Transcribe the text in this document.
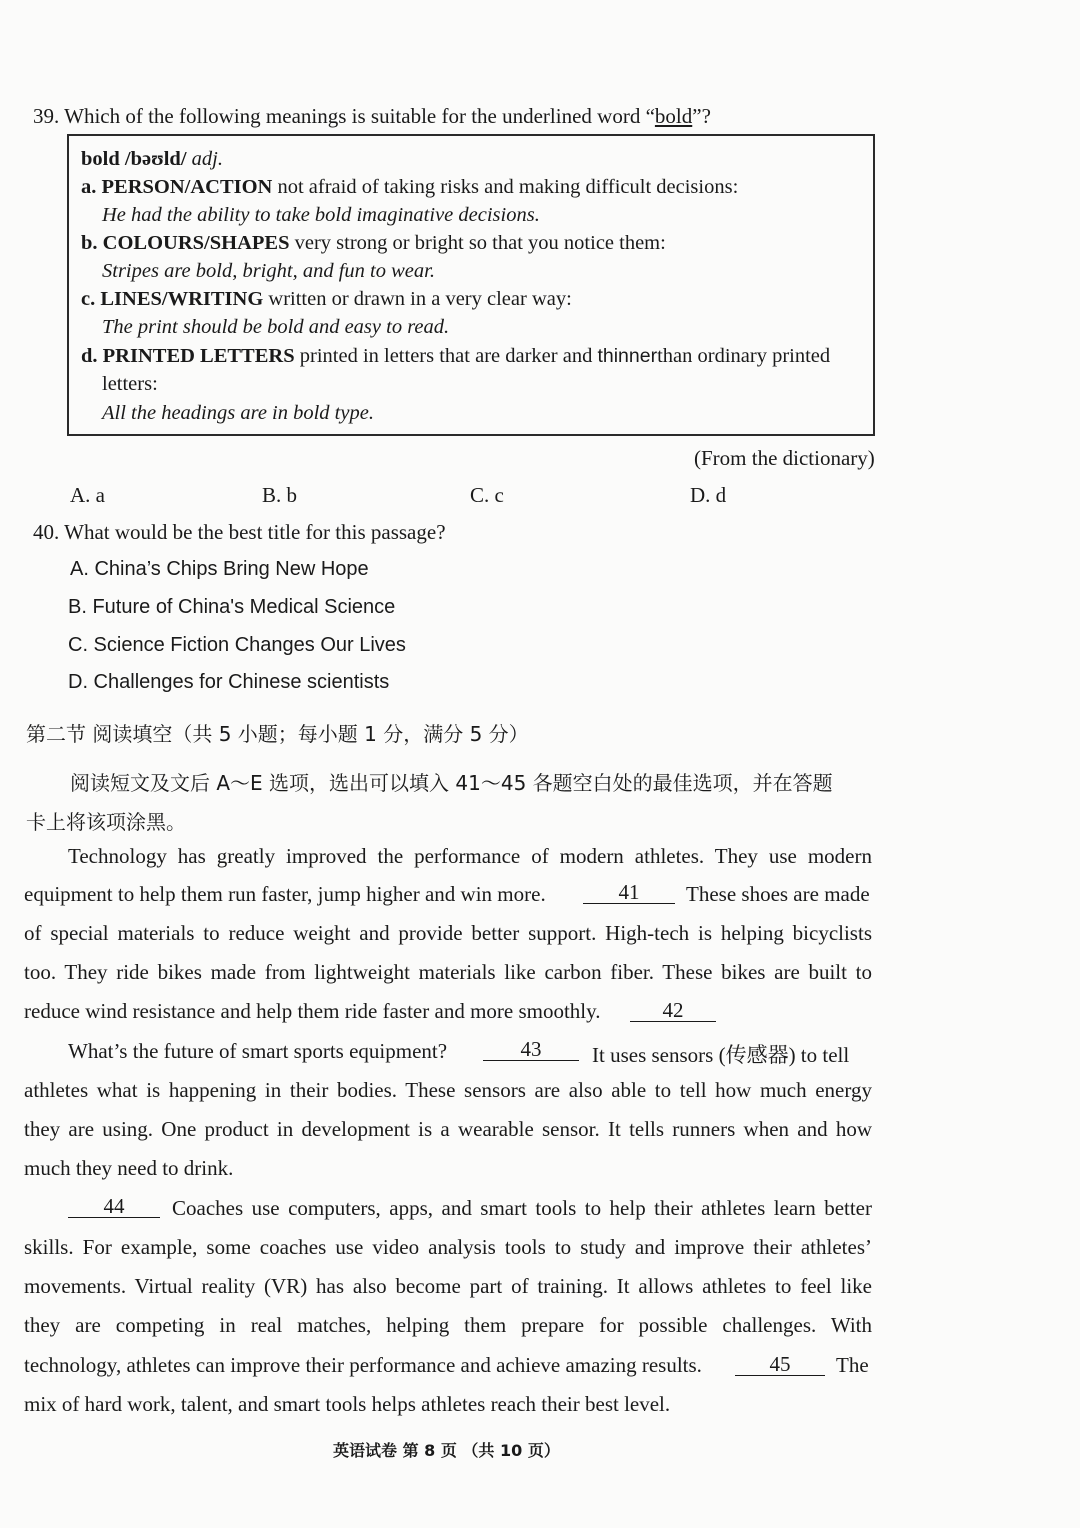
39. Which of the following meanings is suitable for the underlined word “bold”?
bold /bəʊld/ adj.
a. PERSON/ACTION not afraid of taking risks and making difficult decisions:
He had the ability to take bold imaginative decisions.
b. COLOURS/SHAPES very strong or bright so that you notice them:
Stripes are bold, bright, and fun to wear.
c. LINES/WRITING written or drawn in a very clear way:
The print should be bold and easy to read.
d. PRINTED LETTERS printed in letters that are darker and thinnerthan ordinary printed
letters:
All the headings are in bold type.
(From the dictionary)
A. a	B. b	C. c	D. d
40. What would be the best title for this passage?
A. China’s Chips Bring New Hope
B. Future of China's Medical Science
C. Science Fiction Changes Our Lives
D. Challenges for Chinese scientists
第二节 阅读填空（共 5 小题；每小题 1 分，满分 5 分）
阅读短文及文后 A～E 选项，选出可以填入 41～45 各题空白处的最佳选项，并在答题
卡上将该项涂黑。
Technology has greatly improved the performance of modern athletes. They use modern
equipment to help them run faster, jump higher and win more.	41	These shoes are made
of special materials to reduce weight and provide better support. High-tech is helping bicyclists
too. They ride bikes made from lightweight materials like carbon fiber. These bikes are built to
reduce wind resistance and help them ride faster and more smoothly.	42
What’s the future of smart sports equipment?	43	It uses sensors (传感器) to tell
athletes what is happening in their bodies. These sensors are also able to tell how much energy
they are using. One product in development is a wearable sensor. It tells runners when and how
much they need to drink.
44	Coaches use computers, apps, and smart tools to help their athletes learn better
skills. For example, some coaches use video analysis tools to study and improve their athletes’
movements. Virtual reality (VR) has also become part of training. It allows athletes to feel like
they are competing in real matches, helping them prepare for possible challenges. With
technology, athletes can improve their performance and achieve amazing results.	45	The
mix of hard work, talent, and smart tools helps athletes reach their best level.
英语试卷 第 8 页 （共 10 页）
